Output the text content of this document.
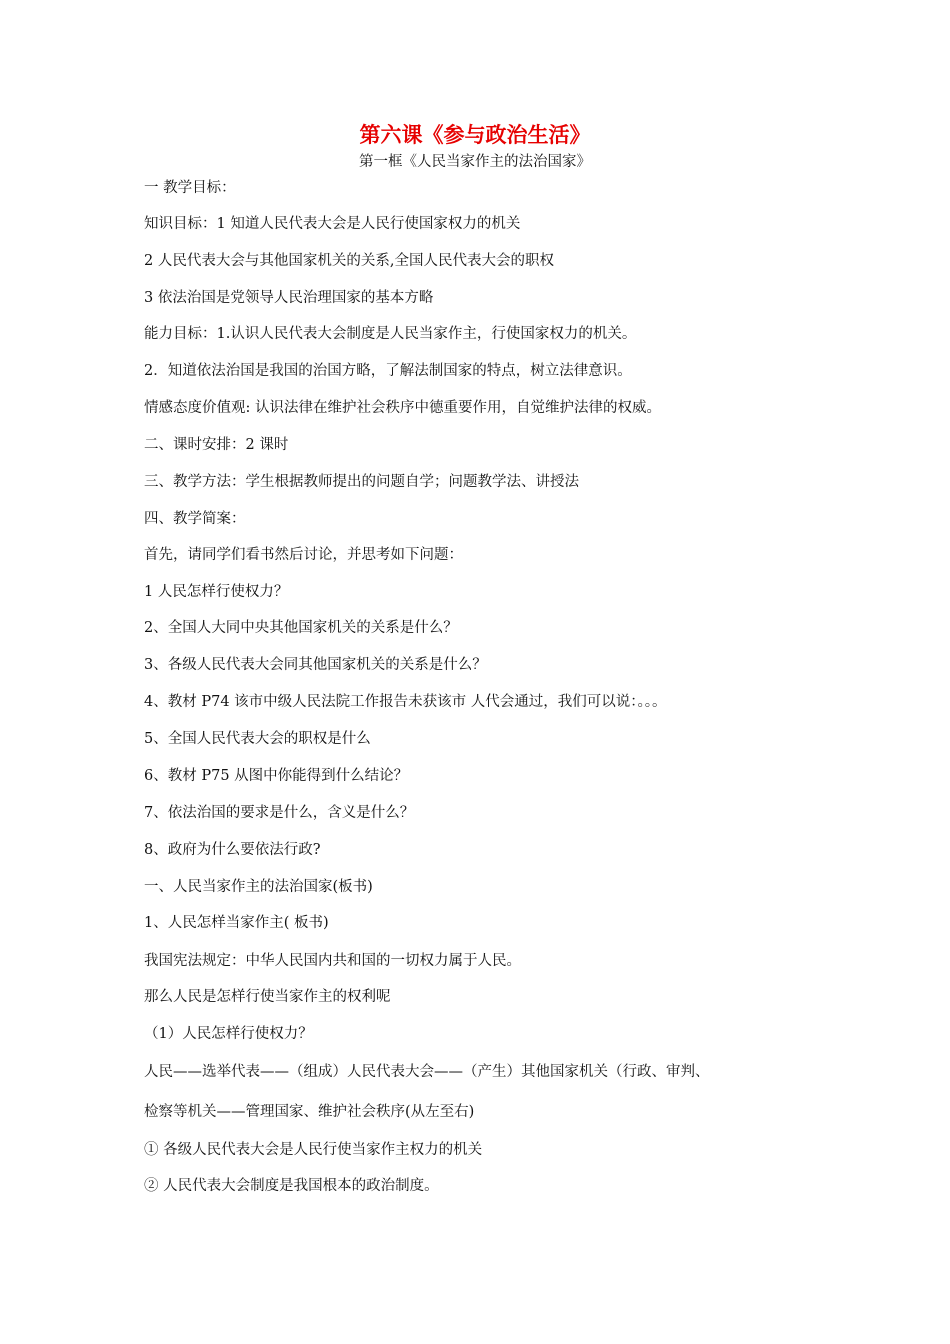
第六课《参与政治生活》
第一框《人民当家作主的法治国家》
一 教学目标：
知识目标：1 知道人民代表大会是人民行使国家权力的机关
2 人民代表大会与其他国家机关的关系,全国人民代表大会的职权
3 依法治国是党领导人民治理国家的基本方略
能力目标：1.认识人民代表大会制度是人民当家作主，行使国家权力的机关。
2．知道依法治国是我国的治国方略，了解法制国家的特点，树立法律意识。
情感态度价值观: 认识法律在维护社会秩序中德重要作用，自觉维护法律的权威。
二、课时安排：2 课时
三、教学方法：学生根据教师提出的问题自学；问题教学法、讲授法
四、教学简案：
首先，请同学们看书然后讨论，并思考如下问题：
1 人民怎样行使权力？
2、全国人大同中央其他国家机关的关系是什么？
3、各级人民代表大会同其他国家机关的关系是什么？
4、教材 P74 该市中级人民法院工作报告未获该市 人代会通过，我们可以说：。。。
5、全国人民代表大会的职权是什么
6、教材 P75 从图中你能得到什么结论？
7、依法治国的要求是什么，含义是什么？
8、政府为什么要依法行政?
一、人民当家作主的法治国家(板书)
1、人民怎样当家作主( 板书)
我国宪法规定：中华人民国内共和国的一切权力属于人民。
那么人民是怎样行使当家作主的权利呢
（1）人民怎样行使权力？
人民——选举代表——（组成）人民代表大会——（产生）其他国家机关（行政、审判、
检察等机关——管理国家、维护社会秩序(从左至右)
① 各级人民代表大会是人民行使当家作主权力的机关
② 人民代表大会制度是我国根本的政治制度。
